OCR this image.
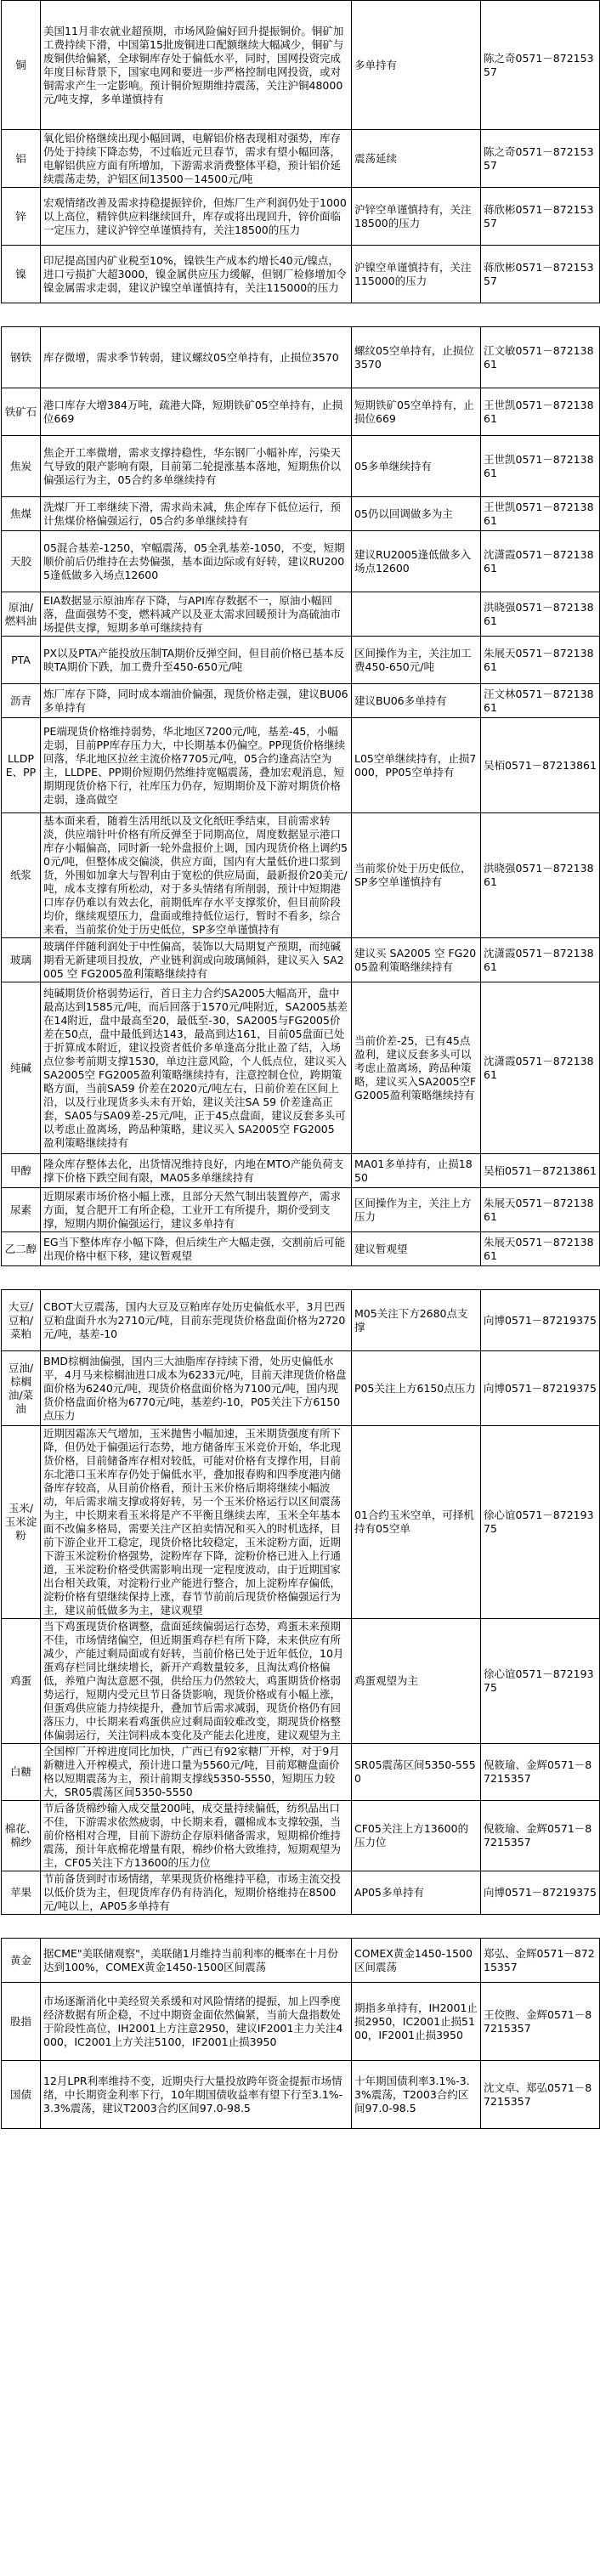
铜	美国11月非农就业超预期，市场风险偏好回升提振铜价。铜矿加工费持续下滑，中国第15批废铜进口配额继续大幅减少，铜矿与废铜供给偏紧，全球铜库存处于偏低水平，同时，国网投资完成年度目标背景下，国家电网和要进一步严格控制电网投资，或对铜需求产生一定影响。预计铜价短期维持震荡，关注沪铜48000元/吨支撑，多单谨慎持有	多单持有	陈之奇0571－87215357
铝	氧化铝价格继续出现小幅回调，电解铝价格表现相对强势，库存仍处于持续下降态势，不过临近元旦春节，需求有望小幅回落，电解铝供应方面有所增加，下游需求消费整体平稳，预计铝价延续震荡走势，沪铝区间13500－14500元/吨	震荡延续	陈之奇0571－87215357
锌	宏观情绪改善及需求持稳提振锌价，但炼厂生产利润仍处于1000以上高位，精锌供应料继续回升，库存或将出现回升，锌价面临一定压力，建议沪锌空单谨慎持有，关注18500的压力	沪锌空单谨慎持有，关注18500的压力	蒋欣彬0571－87215357
镍	印尼提高国内矿业税至10%，镍铁生产成本约增长40元/镍点，进口亏损扩大超3000，镍金属供应压力缓解，但钢厂检修增加令镍金属需求走弱，建议沪镍空单谨慎持有，关注115000的压力	沪镍空单谨慎持有，关注115000的压力	蒋欣彬0571－87215357

钢铁	库存微增，需求季节转弱，建议螺纹05空单持有，止损位3570	螺纹05空单持有，止损位3570	江文敏0571－87213861
铁矿石	港口库存大增384万吨，疏港大降，短期铁矿05空单持有，止损位669	短期铁矿05空单持有，止损位669	王世凯0571－87213861
焦炭	焦企开工率微增，需求支撑持稳性，华东钢厂小幅补库，污染天气导致的限产影响有限，目前第二轮提涨基本落地，短期焦价以偏强运行为主，05合约多单继续持有	05多单继续持有	王世凯0571－87213861
焦煤	洗煤厂开工率继续下滑，需求尚未减，焦企库存下低位运行，预计焦煤价格偏强运行，05合约多单继续持有	05仍以回调做多为主	王世凯0571－87213861
天胶	05混合基差-1250，窄幅震荡，05全乳基差-1050，不变，短期顺价前后仍维持在去势偏强，基本面边际或有好转，建议RU2005逢低做多入场点12600	建议RU2005逢低做多入场点12600	沈潇霞0571－87213861
原油/燃料油	EIA数据显示原油库存下降，与API库存数据不一，原油小幅回落，盘面强势不变，燃料减产以及亚太需求回暖预计为高硫油市场提供支撑，短期多单可继续持有		洪晓强0571－87213861
PTA	PX以及PTA产能投放压制TA期价反弹空间，但目前价格已基本反映TA期价下跌，加工费升至450-650元/吨	区间操作为主，关注加工费450-650元/吨	朱展天0571－87213861
沥青	炼厂库存下降，同时成本端油价偏强，现货价格走强，建议BU06多单持有	建议BU06多单持有	汪文林0571－87213861
LLDPE、PP	PE端现货价格维持弱势，华北地区7200元/吨，基差-45，小幅走弱，目前PP库存压力大，中长期基本仍偏空。PP现货价格继续回落，华北地区拉丝主流价格7705元/吨，05合约逢高沽空为主，LLDPE、PP期价短期仍然维持宽幅震荡，叠加宏观消息，短期期现货价格下行，社库压力仍存，短期期价及下游对期货价格走弱，逢高做空	L05空单继续持有，止损7000，PP05空单持有	吴栢0571－87213861
纸浆	基本面来看，随着生活用纸以及文化纸旺季结束，目前需求转淡，供应端针叶价格有所反弹至于同期高位，周度数据显示港口库存小幅偏高，同时新一轮外盘报价上调，国内现货价格上调约50元/吨，但整体成交偏淡，供应方面，国内有大量低价进口浆到货，外围如加拿大与智利由于宽松的供应局面，最新报价20美元/吨，成本支撑有所松动，对于多头情绪有所削弱，预计中短期港口库存仍难以有效去化，前期低库存水平支撑浆价，但目前阶段均价，继续观望压力，盘面或维持低位运行，暂时不看多，综合来看，当前浆价处于历史低位，SP多空单谨慎持有	当前浆价处于历史低位，SP多空单谨慎持有	洪晓强0571－87213861
玻璃	玻璃伴伴随利润处于中性偏高，装饰以大局期复产预期，而纯碱期看无新建项目投放，产业链利润或向玻璃倾斜，建议买入 SA2005 空 FG2005盈利策略继续持有	建议买 SA2005 空 FG2005盈利策略继续持有	沈潇霞0571－87213861
纯碱	纯碱期货价格弱势运行，首日主力合约SA2005大幅高开，盘中最高达到1585元/吨，而后回落于1570元/吨附近，SA2005基差在14附近，盘中最高至20，最低至-30，SA2005与FG2005价差在50点，盘中最低到达143，最高到达161，目前05盘面已处于折算成本附近，建议投资者低价多单逢高分批止盈了结，入场点位参考前期支撑1530，单边注意风险，个人低点位，建议买入SA2005空 FG2005盈利策略继续持有，注意控制仓位，跨期策略方面，当前SA59 价差在2020元/吨左右，日前价差在区间上沿，以及行业现货多头未有开始，建议关注SA 59 价差逢高正套，SA05与SA09差-25元/吨，正于45点盘面，建议反套多头可以考虑止盈离场，跨品种策略，建议买入 SA2005空 FG2005 盈利策略继续持有	当前价差-25，已有45点盈利，建议反套多头可以考虑止盈离场，跨品种策略，建议买入SA2005空FG2005盈利策略继续持有	沈潇霞0571－87213861
甲醇	隆众库存整体去化，出货情况维持良好，内地在MTO产能负荷支撑下价格下跌空间有限，MA05多单继续持有	MA01多单持有，止损1850	吴栢0571－87213861
尿素	近期尿素市场价格小幅上涨，且部分天然气制出装置停产，需求方面，复合肥开工有所企稳，工业开工有所提升，期价受到支撑，短期内期价偏强运行，建议多单持有	区间操作为主，关注上方压力	朱展天0571－87213861
乙二醇	EG当下整体库存小幅下降，但后续生产大幅走强，交割前后可能出现价格中枢下移，建议暂观望	建议暂观望	朱展天0571－87213861

大豆/豆粕/菜粕	CBOT大豆震荡，国内大豆及豆粕库存处历史偏低水平，3月巴西豆粕盘面升水为2710元/吨，目前东莞现货价格盘面价格为2720元/吨，基差-10	M05关注下方2680点支撑	向博0571－87219375
豆油/棕榈油/菜油	BMD棕榈油偏强，国内三大油脂库存持续下滑，处历史偏低水平，4月马来棕榈油进口成本为6233元/吨，目前天津现货价格盘面价格为6240元/吨，现货价格盘面价格为7100元/吨，国内现货价格盘面价格为6770元/吨，基差约-10，P05关注下方6150点压力	P05关注上方6150点压力	向博0571－87219375
玉米/玉米淀粉	近期因霜冻天气增加，玉米抛售小幅加速，玉米期货强度有所下降，但仍处于偏强运行态势，地方储备库玉米竞价开始，华北现货价格，目前储备库存相对较低，可能对价格有支撑作用，目前东北港口玉米库存仍处于偏低水平，叠加报春购和四季度港内储备库存较高，从目前价格看，预计玉米价格后期将继续小幅波动，年后需求端支撑或将好转，另一个玉米价格运行以区间震荡为主，中长期来看玉米将是产不平衡且继续去库，玉米全年基本面不改偏多格局，需要关注产区拍卖情况和买入的时机选择，目前下游企业开工稳定，现货价格比较稳定，玉米淀粉方面，近期下游玉米淀粉价格强势，淀粉库存下降，淀粉价格已进入上行通道，玉米淀粉价格受供需影响出现一定程度波动，由于近期国家出台相关政策，对淀粉行业产能进行整合，加上淀粉库存偏低，淀粉价格有望继续保持上涨，春节节前前后现货价格偏强运行为主，建议前低做多为主，建议观望	01合约玉米空单，可择机持有05空单	徐心谊0571－87219375
鸡蛋	当下鸡蛋现货价格调整，盘面延续偏弱运行态势，鸡蛋未来预期不佳，市场情绪偏空，但近期蛋鸡存栏有所下降，未来供应有所减少，产能过剩局面或有好转，当前价格已处于近年低位，10月蛋鸡存栏同比继续增长，新开产鸡数量较多，且淘汰鸡价格偏低，养殖户淘汰意愿不强，供给压力仍然较大，鸡蛋期货价格弱势运行，短期内受元旦节日备货影响，现货价格或有小幅上涨，但蛋鸡供应能力持续提升，叠加节后需求减弱，现货价格仍有回落压力，中长期来看鸡蛋供应过剩局面较难改变，期现货价格整体偏弱运行，关注饲料成本变化及产能去化进度，建议观望为主	鸡蛋观望为主	徐心谊0571－87219375
白糖	全国榨厂开榨进度同比加快，广西已有92家糖厂开榨，对于9月新糖进入开榨模式，预计进口量为5560元/吨，目前郑糖盘面价格以短期震荡为主，预计前期支撑线5350-5550，短期压力较大，SR05震荡区间5350-5550	SR05震荡区间5350-5550	倪筱瑜、金辉0571－87215357
棉花、棉纱	节后备货棉纱输入成交量200吨，成交量持续偏低，纺织品出口不佳，下游需求依然疲弱，中长期来看，疆棉成本支撑较强，当前价格相对合理，目前下游纺企存原料储备需求，短期棉价维持震荡，预计年底棉花增量有限，棉纱价格大致维持，短期观望为主，CF05关注下方13600的压力位	CF05关注上方13600的压力位	倪筱瑜、金辉0571－87215357
苹果	节前备货到时市场情绪，苹果现货价格维持平稳，市场主流交投以低价货为主，但现货库存仍有待消化，短期价格维持在8500元/吨以上，AP05多单持有	AP05多单持有	向博0571－87219375

黄金	据CME"美联储观察"，美联储1月维持当前利率的概率在十月份达到100%，COMEX黄金1450-1500区间震荡	COMEX黄金1450-1500区间震荡	郑弘、金辉0571－87215357
股指	市场逐渐消化中美经贸关系缓和对风险情绪的提振，加上四季度经济数据有所企稳，不过中期资金面依然偏紧，当前大盘指数处于阶段性高位，IH2001上方注意2950，建议IF2001主力关注4000，IC2001上方关注5100，IF2001止损3950	期指多单持有，IH2001止损2950，IC2001止损5100，IF2001止损3950	王佼煦、金辉0571－87215357
国债	12月LPR利率维持不变，近期央行大量投放跨年资金提振市场情绪，中长期资金利率下行，10年期国债收益率有望下行至3.1%-3.3%震荡，建议T2003合约区间97.0-98.5	十年期国债利率3.1%-3.3%震荡，T2003合约区间97.0-98.5	沈文卓、郑弘0571－87215357
